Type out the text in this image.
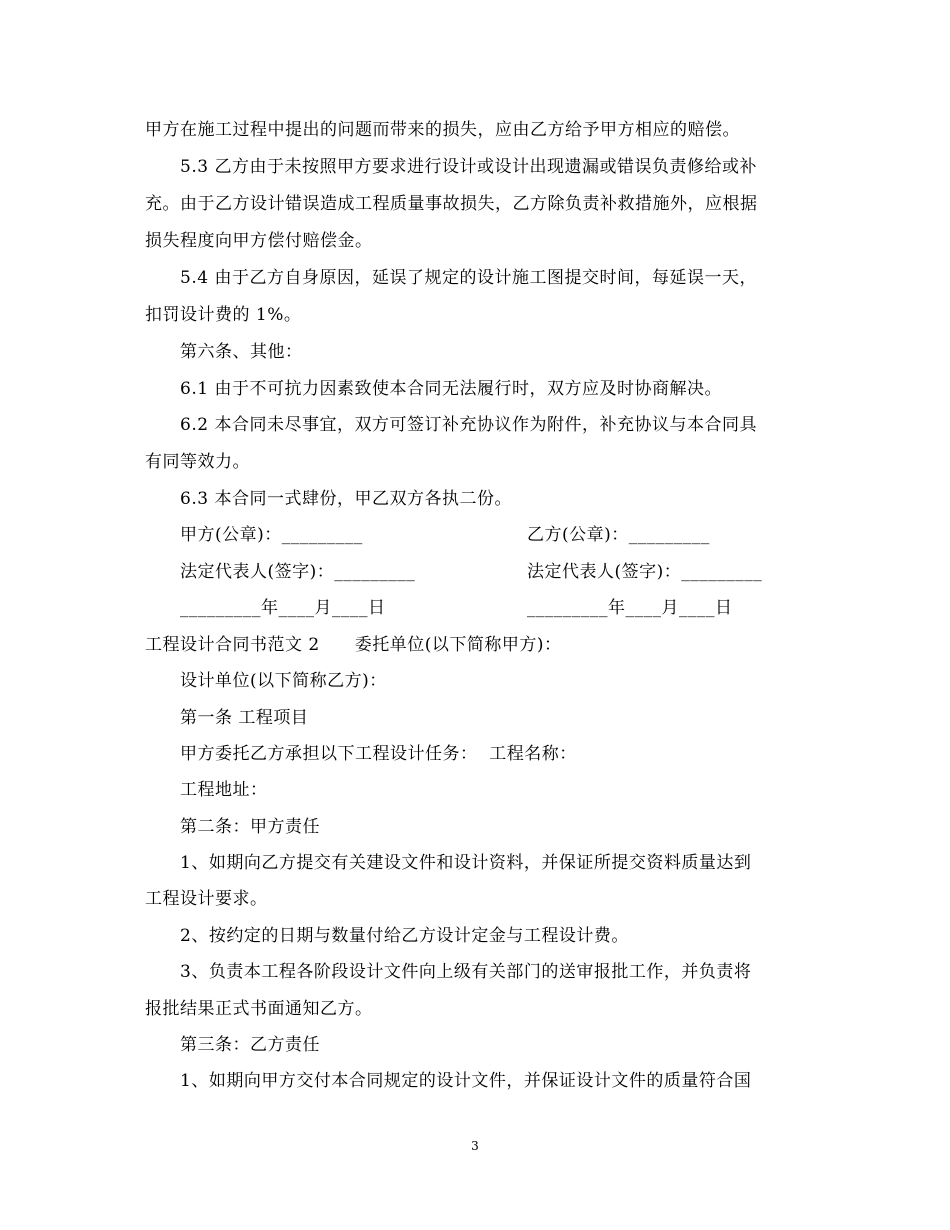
甲方在施工过程中提出的问题而带来的损失，应由乙方给予甲方相应的赔偿。
5.3 乙方由于未按照甲方要求进行设计或设计出现遗漏或错误负责修给或补
充。由于乙方设计错误造成工程质量事故损失，乙方除负责补救措施外，应根据
损失程度向甲方偿付赔偿金。
5.4 由于乙方自身原因，延误了规定的设计施工图提交时间，每延误一天，
扣罚设计费的 1%。
第六条、其他：
6.1 由于不可抗力因素致使本合同无法履行时，双方应及时协商解决。
6.2 本合同未尽事宜，双方可签订补充协议作为附件，补充协议与本合同具
有同等效力。
6.3 本合同一式肆份，甲乙双方各执二份。
甲方(公章)：_________	乙方(公章)：_________
法定代表人(签字)：_________	法定代表人(签字)：_________
_________年____月____日	_________年____月____日
工程设计合同书范文 2　　委托单位(以下简称甲方)：
设计单位(以下简称乙方)：
第一条 工程项目
甲方委托乙方承担以下工程设计任务：  工程名称：
工程地址：
第二条：甲方责任
1、如期向乙方提交有关建设文件和设计资料，并保证所提交资料质量达到
工程设计要求。
2、按约定的日期与数量付给乙方设计定金与工程设计费。
3、负责本工程各阶段设计文件向上级有关部门的送审报批工作，并负责将
报批结果正式书面通知乙方。
第三条：乙方责任
1、如期向甲方交付本合同规定的设计文件，并保证设计文件的质量符合国
3
